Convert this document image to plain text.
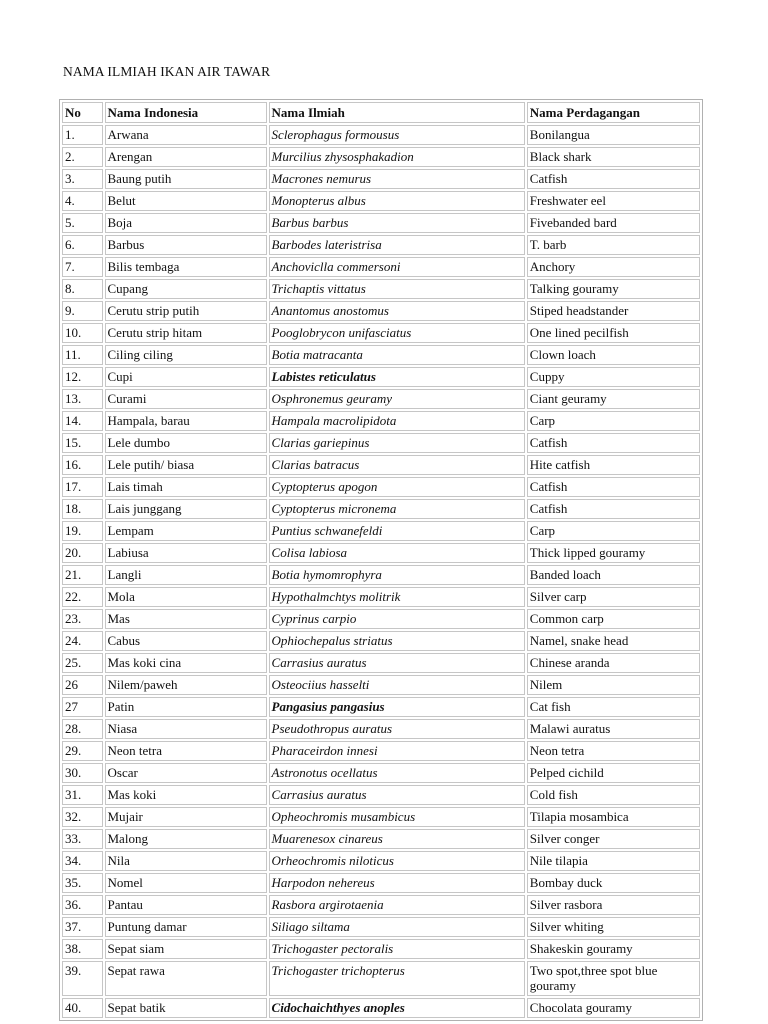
NAMA ILMIAH IKAN AIR TAWAR
No	Nama Indonesia	Nama Ilmiah	Nama Perdagangan
1.	Arwana	Sclerophagus formousus	Bonilangua
2.	Arengan	Murcilius zhysosphakadion	Black shark
3.	Baung putih	Macrones nemurus	Catfish
4.	Belut	Monopterus albus	Freshwater eel
5.	Boja	Barbus barbus	Fivebanded bard
6.	Barbus	Barbodes lateristrisa	T. barb
7.	Bilis tembaga	Anchoviclla commersoni	Anchory
8.	Cupang	Trichaptis vittatus	Talking gouramy
9.	Cerutu strip putih	Anantomus anostomus	Stiped headstander
10.	Cerutu strip hitam	Pooglobrycon unifasciatus	One lined pecilfish
11.	Ciling ciling	Botia matracanta	Clown loach
12.	Cupi	Labistes reticulatus	Cuppy
13.	Curami	Osphronemus geuramy	Ciant geuramy
14.	Hampala, barau	Hampala macrolipidota	Carp
15.	Lele dumbo	Clarias gariepinus	Catfish
16.	Lele putih/ biasa	Clarias batracus	Hite catfish
17.	Lais timah	Cyptopterus apogon	Catfish
18.	Lais junggang	Cyptopterus micronema	Catfish
19.	Lempam	Puntius schwanefeldi	Carp
20.	Labiusa	Colisa labiosa	Thick lipped gouramy
21.	Langli	Botia hymomrophyra	Banded loach
22.	Mola	Hypothalmchtys molitrik	Silver carp
23.	Mas	Cyprinus carpio	Common carp
24.	Cabus	Ophiochepalus striatus	Namel, snake head
25.	Mas koki cina	Carrasius auratus	Chinese aranda
26	Nilem/paweh	Osteociius hasselti	Nilem
27	Patin	Pangasius pangasius	Cat fish
28.	Niasa	Pseudothropus auratus	Malawi auratus
29.	Neon tetra	Pharaceirdon innesi	Neon tetra
30.	Oscar	Astronotus ocellatus	Pelped cichild
31.	Mas koki	Carrasius auratus	Cold fish
32.	Mujair	Opheochromis musambicus	Tilapia mosambica
33.	Malong	Muarenesox cinareus	Silver conger
34.	Nila	Orheochromis niloticus	Nile tilapia
35.	Nomel	Harpodon nehereus	Bombay duck
36.	Pantau	Rasbora argirotaenia	Silver rasbora
37.	Puntung damar	Siliago siltama	Silver whiting
38.	Sepat siam	Trichogaster pectoralis	Shakeskin gouramy
39.	Sepat rawa	Trichogaster trichopterus	Two spot,three spot blue gouramy
40.	Sepat batik	Cidochaichthyes anoples	Chocolata gouramy
